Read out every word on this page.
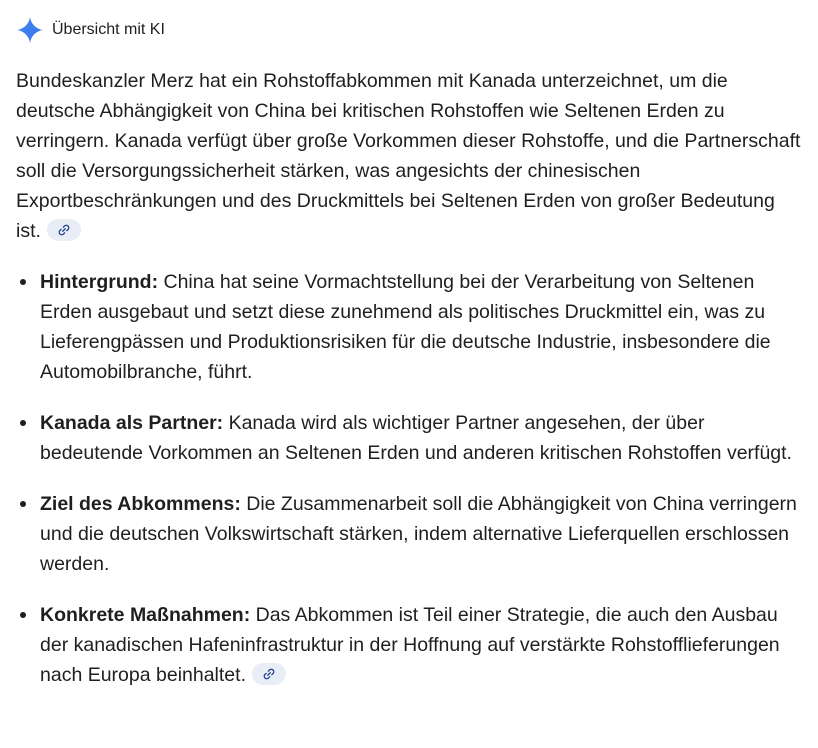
Übersicht mit KI

Bundeskanzler Merz hat ein Rohstoffabkommen mit Kanada unterzeichnet, um die deutsche Abhängigkeit von China bei kritischen Rohstoffen wie Seltenen Erden zu verringern. Kanada verfügt über große Vorkommen dieser Rohstoffe, und die Partnerschaft soll die Versorgungssicherheit stärken, was angesichts der chinesischen Exportbeschränkungen und des Druckmittels bei Seltenen Erden von großer Bedeutung ist.

Hintergrund: China hat seine Vormachtstellung bei der Verarbeitung von Seltenen Erden ausgebaut und setzt diese zunehmend als politisches Druckmittel ein, was zu Lieferengpässen und Produktionsrisiken für die deutsche Industrie, insbesondere die Automobilbranche, führt.
Kanada als Partner: Kanada wird als wichtiger Partner angesehen, der über bedeutende Vorkommen an Seltenen Erden und anderen kritischen Rohstoffen verfügt.
Ziel des Abkommens: Die Zusammenarbeit soll die Abhängigkeit von China verringern und die deutschen Volkswirtschaft stärken, indem alternative Lieferquellen erschlossen werden.
Konkrete Maßnahmen: Das Abkommen ist Teil einer Strategie, die auch den Ausbau der kanadischen Hafeninfrastruktur in der Hoffnung auf verstärkte Rohstofflieferungen nach Europa beinhaltet.
